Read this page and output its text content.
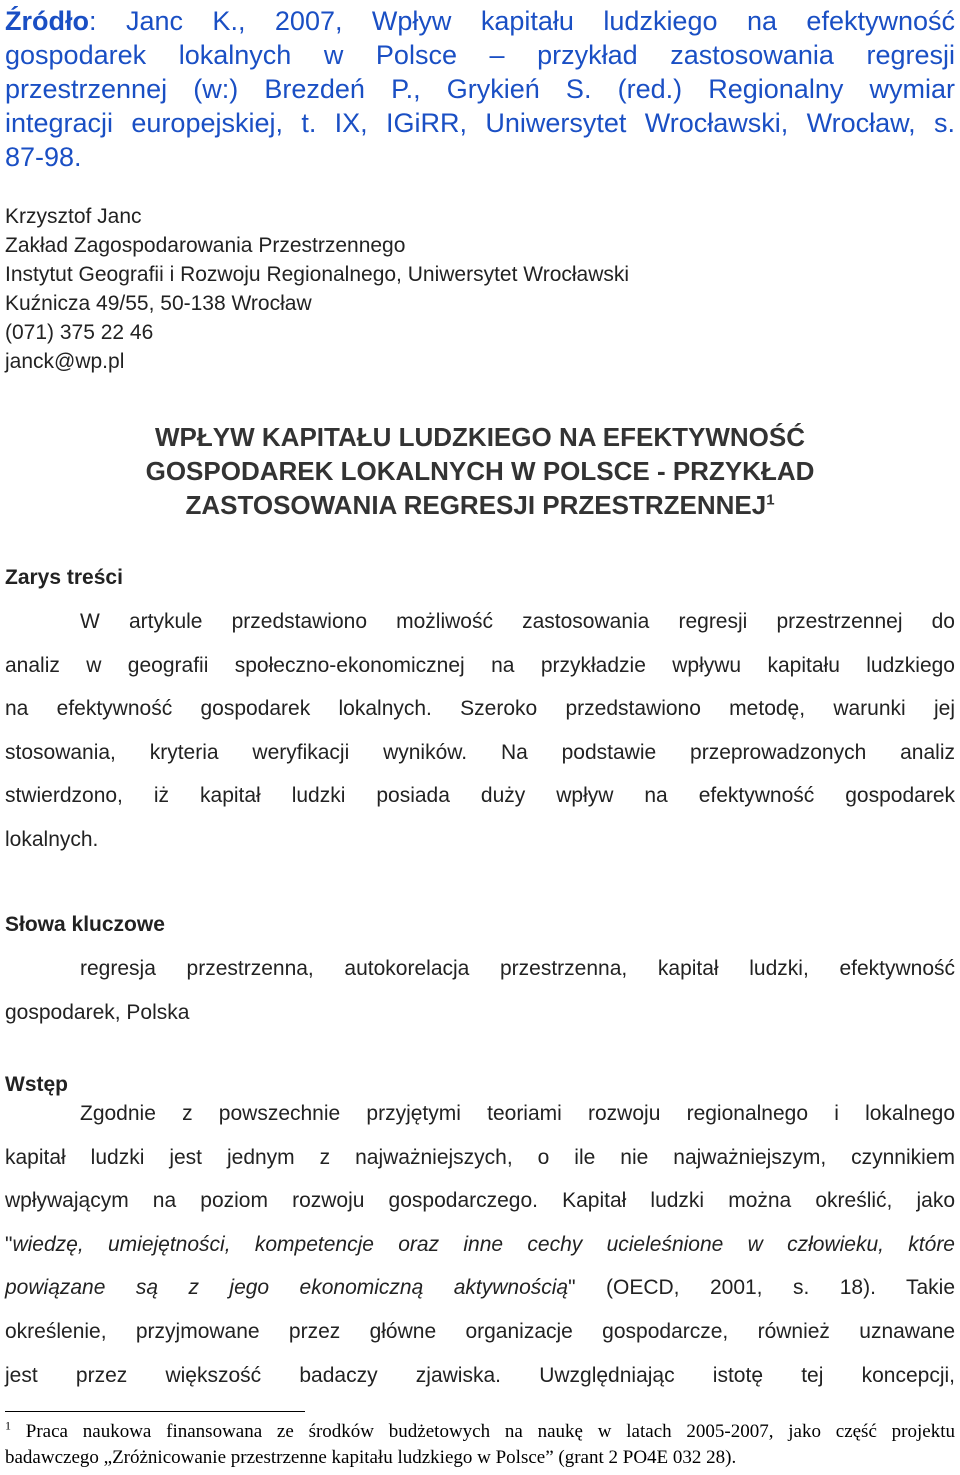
Źródło: Janc K., 2007, Wpływ kapitału ludzkiego na efektywność
gospodarek lokalnych w Polsce – przykład zastosowania regresji
przestrzennej (w:) Brezdeń P., Grykień S. (red.) Regionalny wymiar
integracji europejskiej, t. IX, IGiRR, Uniwersytet Wrocławski, Wrocław, s.
87-98.
Krzysztof Janc
Zakład Zagospodarowania Przestrzennego
Instytut Geografii i Rozwoju Regionalnego, Uniwersytet Wrocławski
Kuźnicza 49/55, 50-138 Wrocław
(071) 375 22 46
janck@wp.pl
WPŁYW KAPITAŁU LUDZKIEGO NA EFEKTYWNOŚĆ
GOSPODAREK LOKALNYCH W POLSCE - PRZYKŁAD
ZASTOSOWANIA REGRESJI PRZESTRZENNEJ$^1$
Zarys treści
W artykule przedstawiono możliwość zastosowania regresji przestrzennej do
analiz w geografii społeczno-ekonomicznej na przykładzie wpływu kapitału ludzkiego
na efektywność gospodarek lokalnych. Szeroko przedstawiono metodę, warunki jej
stosowania, kryteria weryfikacji wyników. Na podstawie przeprowadzonych analiz
stwierdzono, iż kapitał ludzki posiada duży wpływ na efektywność gospodarek
lokalnych.
Słowa kluczowe
regresja przestrzenna, autokorelacja przestrzenna, kapitał ludzki, efektywność
gospodarek, Polska
Wstęp
Zgodnie z powszechnie przyjętymi teoriami rozwoju regionalnego i lokalnego
kapitał ludzki jest jednym z najważniejszych, o ile nie najważniejszym, czynnikiem
wpływającym na poziom rozwoju gospodarczego. Kapitał ludzki można określić, jako
"wiedzę, umiejętności, kompetencje oraz inne cechy ucieleśnione w człowieku, które
powiązane są z jego ekonomiczną aktywnością" (OECD, 2001, s. 18). Takie
określenie, przyjmowane przez główne organizacje gospodarcze, również uznawane
jest przez większość badaczy zjawiska. Uwzględniając istotę tej koncepcji,
$^1$ Praca naukowa finansowana ze środków budżetowych na naukę w latach 2005-2007, jako część projektu
badawczego „Zróżnicowanie przestrzenne kapitału ludzkiego w Polsce” (grant 2 PO4E 032 28).
